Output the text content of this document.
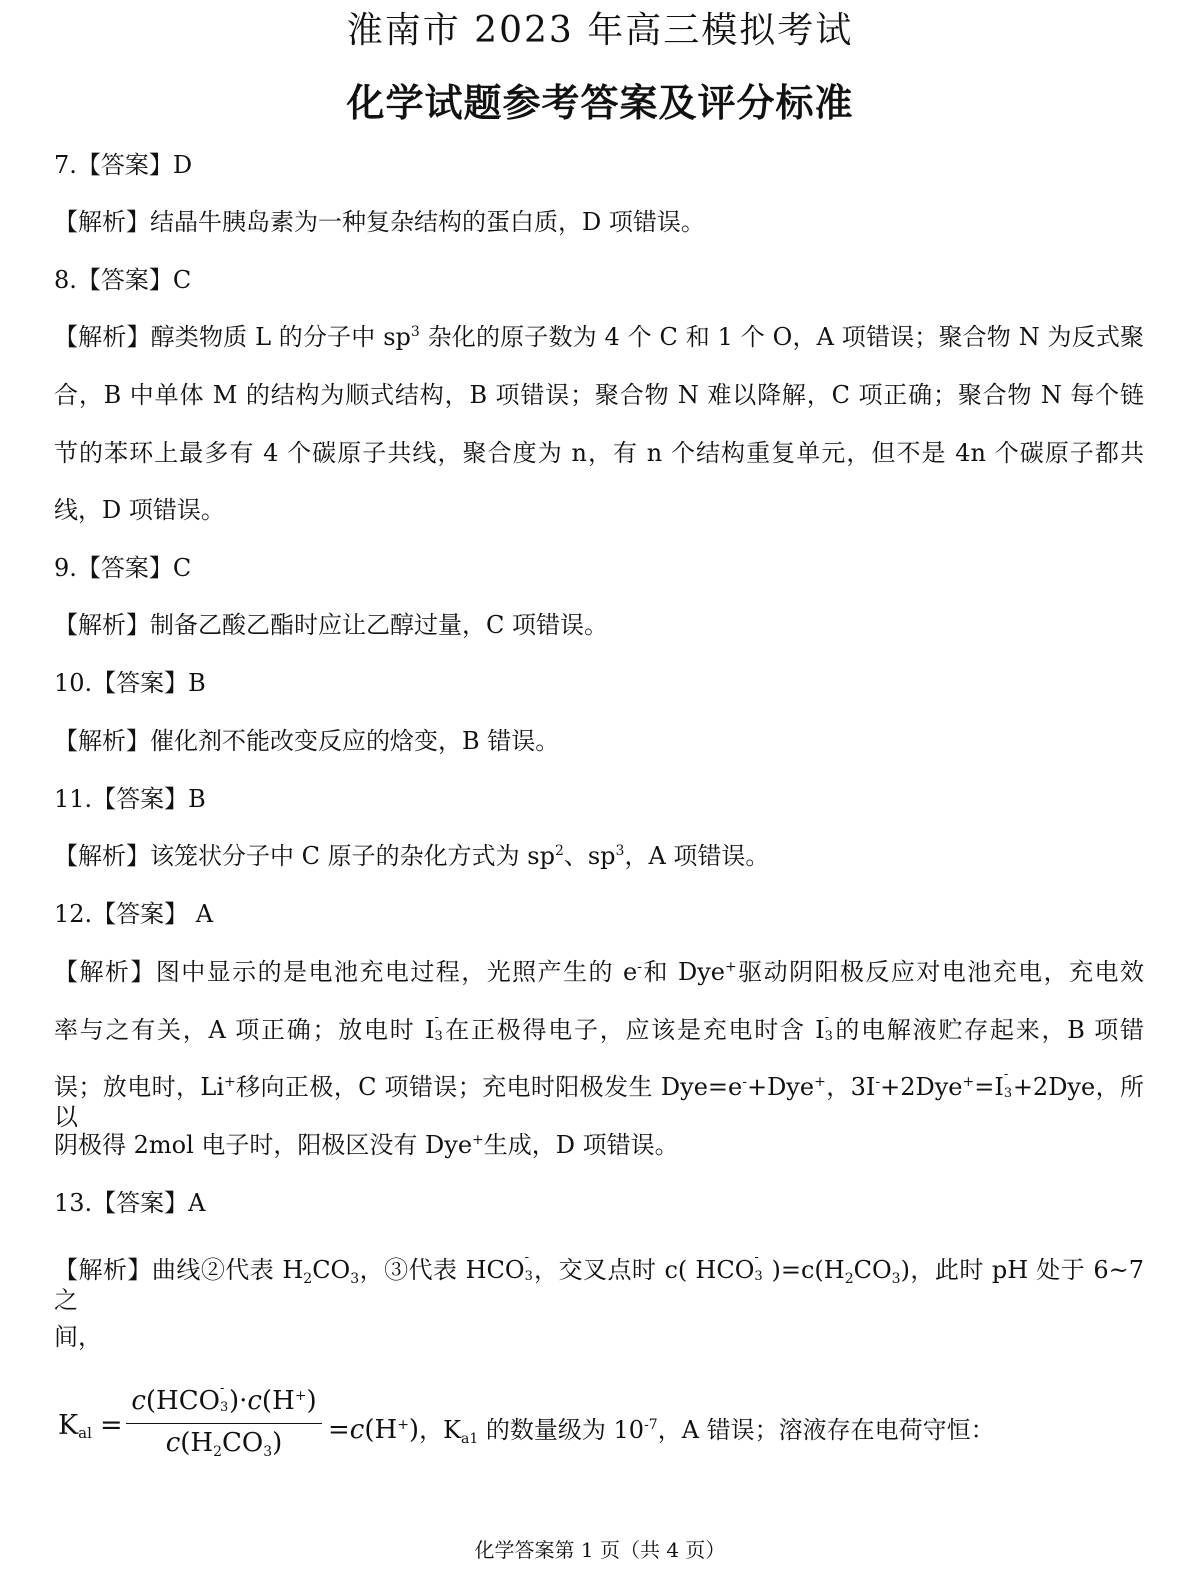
淮南市 2023 年高三模拟考试
化学试题参考答案及评分标准
7.【答案】D
【解析】结晶牛胰岛素为一种复杂结构的蛋白质，D 项错误。
8.【答案】C
【解析】醇类物质 L 的分子中 $sp^3$ 杂化的原子数为 4 个 C 和 1 个 O，A 项错误；聚合物 N 为反式聚
合，B 中单体 M 的结构为顺式结构，B 项错误；聚合物 N 难以降解，C 项正确；聚合物 N 每个链
节的苯环上最多有 4 个碳原子共线，聚合度为 n，有 n 个结构重复单元，但不是 4n 个碳原子都共
线，D 项错误。
9.【答案】C
【解析】制备乙酸乙酯时应让乙醇过量，C 项错误。
10.【答案】B
【解析】催化剂不能改变反应的焓变，B 错误。
11.【答案】B
【解析】该笼状分子中 C 原子的杂化方式为 $sp^2$、$sp^3$，A 项错误。
12.【答案】 A
【解析】图中显示的是电池充电过程，光照产生的 e-和 Dye+驱动阴阳极反应对电池充电，充电效
率与之有关，A 项正确；放电时 I -
3 在正极得电子，应该是充电时含 I -
3 的电解液贮存起来，B 项错
误；放电时，Li+移向正极，C 项错误；充电时阳极发生 Dye=e-+Dye+，3I-+2Dye+=I -
3 +2Dye，所以
阴极得 2mol 电子时，阳极区没有 Dye+生成，D 项错误。
13.【答案】A
【解析】曲线②代表 $H_2CO_3$，③代表 HCO -
3 ，交叉点时 c( HCO -
3 )$=c(H_2CO_3)$，此时 pH 处于 6~7 之
间，
$K_{al}$ =
c(HCO -
3 )·c(H+)
$c(H_2CO_3)$	=c(H+)，$K_{a1}$ 的数量级为 $10^{-7}$，A 错误；溶液存在电荷守恒：
化学答案第 1 页（共 4 页）
